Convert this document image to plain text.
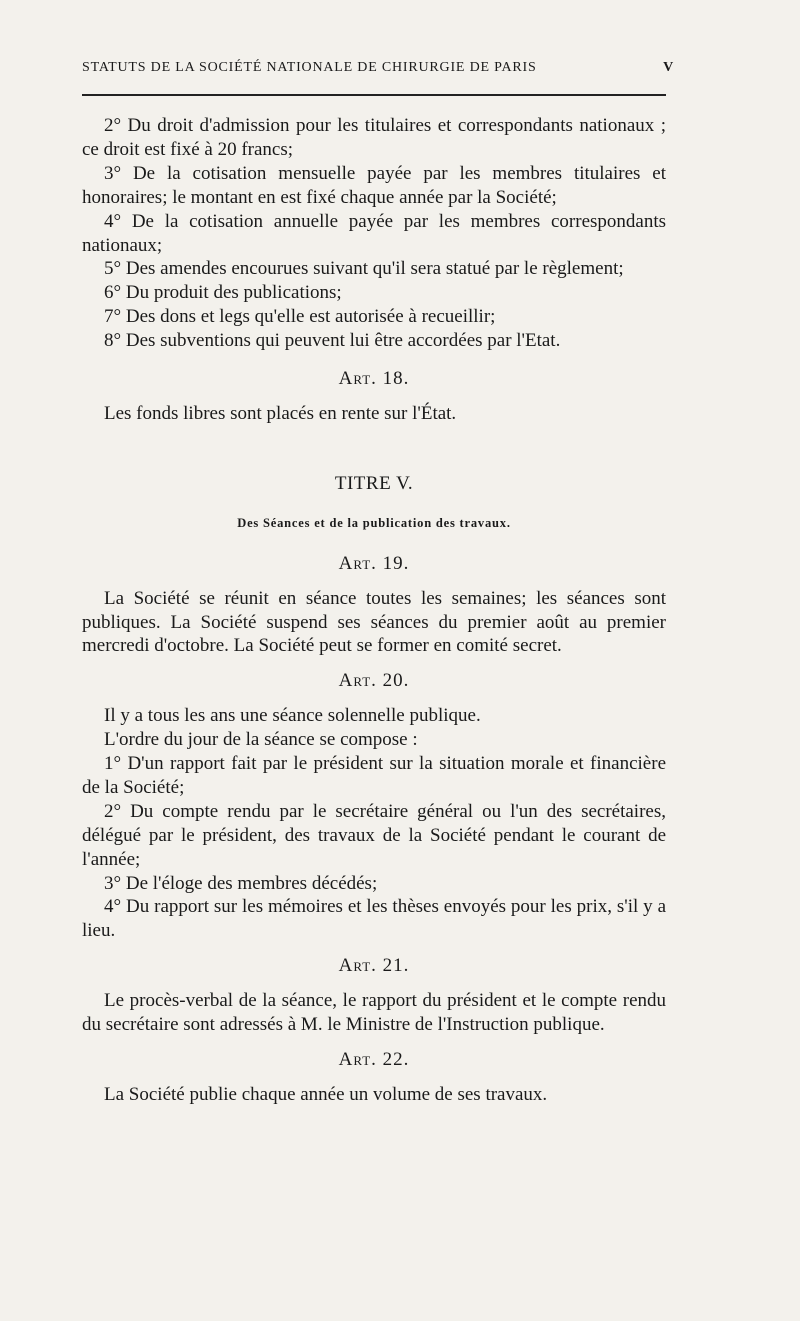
STATUTS DE LA SOCIÉTÉ NATIONALE DE CHIRURGIE DE PARIS	V
2° Du droit d'admission pour les titulaires et correspondants nationaux ; ce droit est fixé à 20 francs;
3° De la cotisation mensuelle payée par les membres titulaires et honoraires; le montant en est fixé chaque année par la Société;
4° De la cotisation annuelle payée par les membres correspondants nationaux;
5° Des amendes encourues suivant qu'il sera statué par le règlement;
6° Du produit des publications;
7° Des dons et legs qu'elle est autorisée à recueillir;
8° Des subventions qui peuvent lui être accordées par l'Etat.
Art. 18.
Les fonds libres sont placés en rente sur l'État.
TITRE V.
Des Séances et de la publication des travaux.
Art. 19.
La Société se réunit en séance toutes les semaines; les séances sont publiques. La Société suspend ses séances du premier août au premier mercredi d'octobre. La Société peut se former en comité secret.
Art. 20.
Il y a tous les ans une séance solennelle publique.
L'ordre du jour de la séance se compose :
1° D'un rapport fait par le président sur la situation morale et financière de la Société;
2° Du compte rendu par le secrétaire général ou l'un des secrétaires, délégué par le président, des travaux de la Société pendant le courant de l'année;
3° De l'éloge des membres décédés;
4° Du rapport sur les mémoires et les thèses envoyés pour les prix, s'il y a lieu.
Art. 21.
Le procès-verbal de la séance, le rapport du président et le compte rendu du secrétaire sont adressés à M. le Ministre de l'Instruction publique.
Art. 22.
La Société publie chaque année un volume de ses travaux.
